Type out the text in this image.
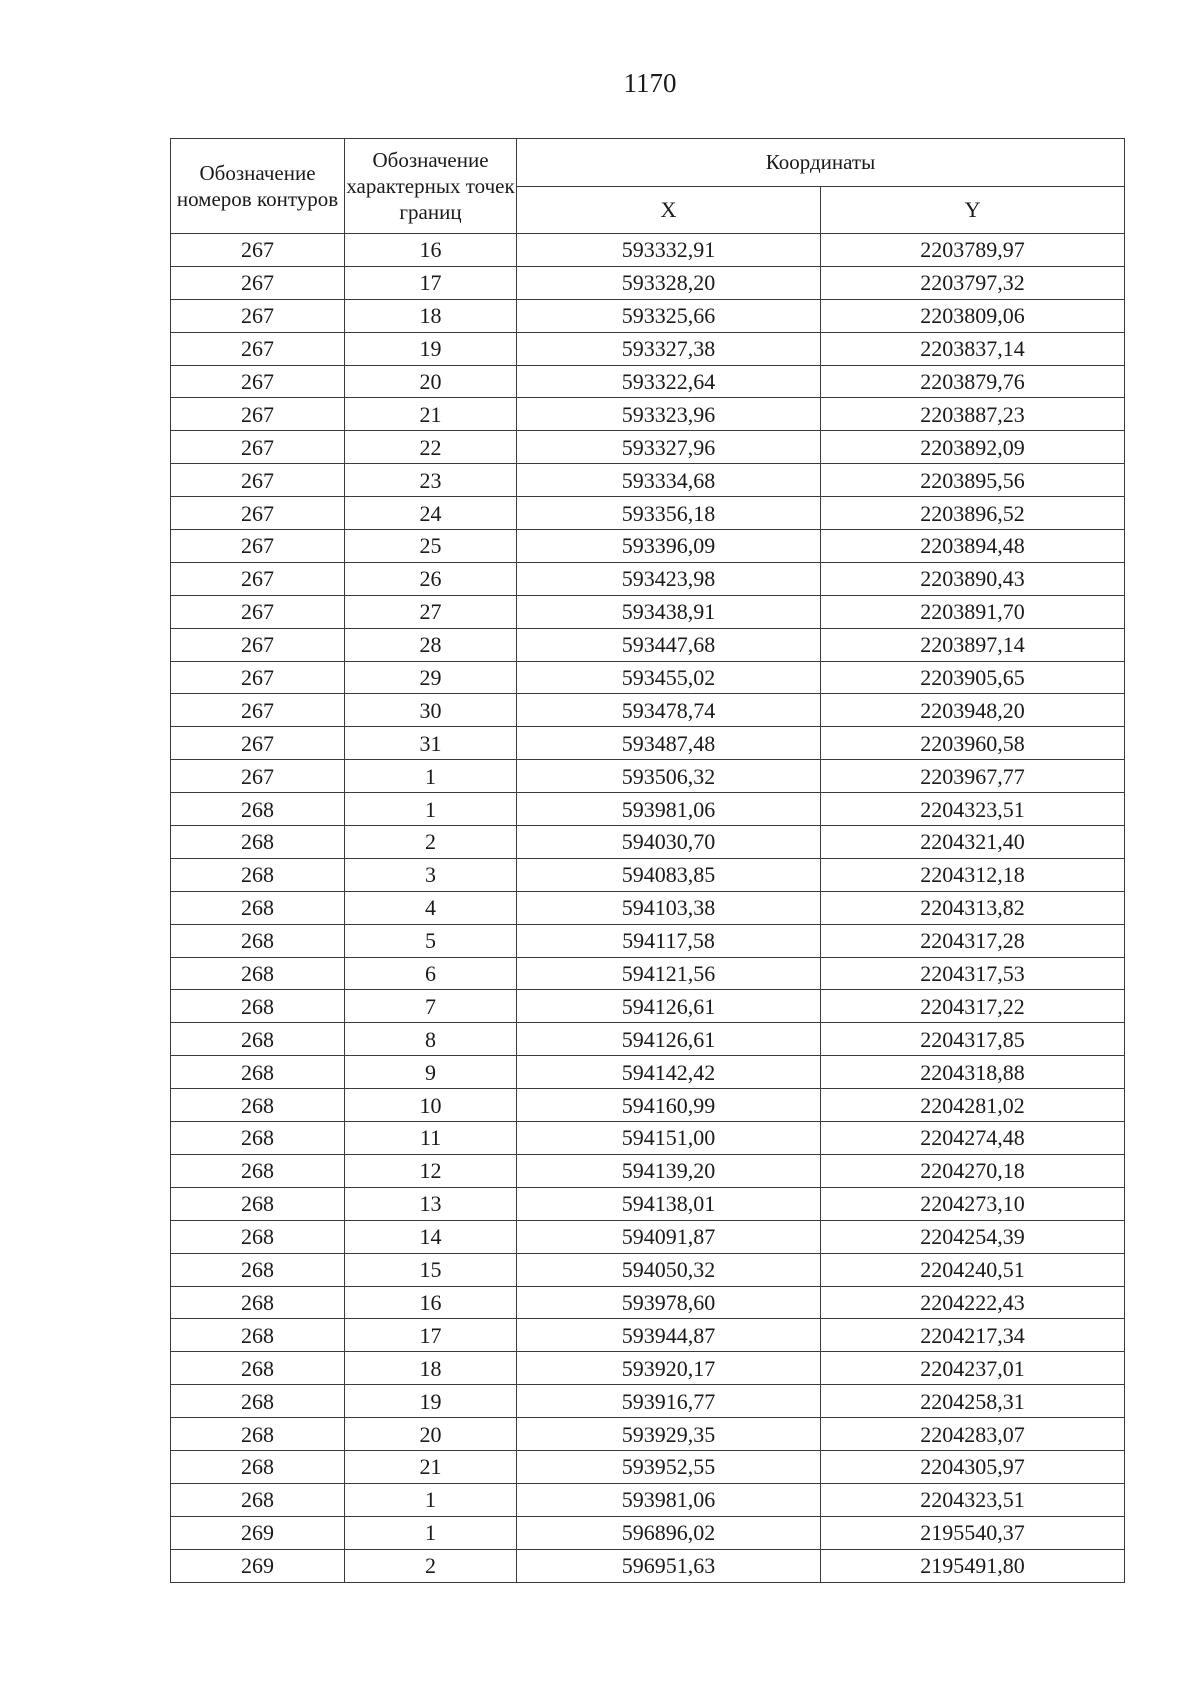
1170
Обозначение номеров контуров	Обозначение характерных точек границ	Координаты	
		X	Y
267	16	593332,91	2203789,97
267	17	593328,20	2203797,32
267	18	593325,66	2203809,06
267	19	593327,38	2203837,14
267	20	593322,64	2203879,76
267	21	593323,96	2203887,23
267	22	593327,96	2203892,09
267	23	593334,68	2203895,56
267	24	593356,18	2203896,52
267	25	593396,09	2203894,48
267	26	593423,98	2203890,43
267	27	593438,91	2203891,70
267	28	593447,68	2203897,14
267	29	593455,02	2203905,65
267	30	593478,74	2203948,20
267	31	593487,48	2203960,58
267	1	593506,32	2203967,77
268	1	593981,06	2204323,51
268	2	594030,70	2204321,40
268	3	594083,85	2204312,18
268	4	594103,38	2204313,82
268	5	594117,58	2204317,28
268	6	594121,56	2204317,53
268	7	594126,61	2204317,22
268	8	594126,61	2204317,85
268	9	594142,42	2204318,88
268	10	594160,99	2204281,02
268	11	594151,00	2204274,48
268	12	594139,20	2204270,18
268	13	594138,01	2204273,10
268	14	594091,87	2204254,39
268	15	594050,32	2204240,51
268	16	593978,60	2204222,43
268	17	593944,87	2204217,34
268	18	593920,17	2204237,01
268	19	593916,77	2204258,31
268	20	593929,35	2204283,07
268	21	593952,55	2204305,97
268	1	593981,06	2204323,51
269	1	596896,02	2195540,37
269	2	596951,63	2195491,80
